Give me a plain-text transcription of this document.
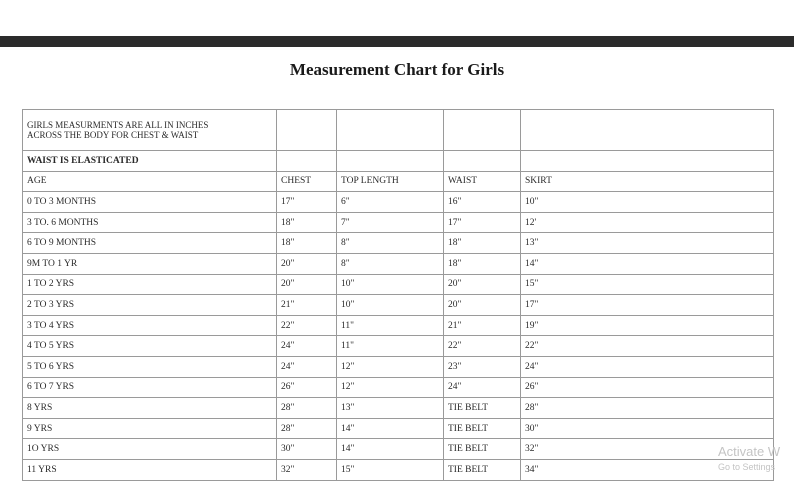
Measurement Chart for Girls
GIRLS MEASURMENTS ARE ALL IN INCHES
ACROSS THE BODY FOR CHEST & WAIST				
WAIST IS ELASTICATED				
AGE	CHEST	TOP LENGTH	WAIST	SKIRT
0 TO 3 MONTHS	17"	6"	16"	10"
3 TO. 6 MONTHS	18"	7"	17"	12'
6 TO 9 MONTHS	18"	8"	18"	13"
9M TO 1 YR	20"	8"	18"	14"
1 TO 2 YRS	20"	10"	20"	15"
2 TO 3 YRS	21"	10"	20"	17"
3 TO 4 YRS	22"	11"	21"	19"
4 TO 5 YRS	24"	11"	22"	22"
5 TO 6 YRS	24"	12"	23"	24"
6 TO 7 YRS	26"	12"	24"	26"
8 YRS	28"	13"	TIE BELT	28"
9 YRS	28"	14"	TIE BELT	30"
1O YRS	30"	14"	TIE BELT	32"
11 YRS	32"	15"	TIE BELT	34"
Activate W
Go to Settings
